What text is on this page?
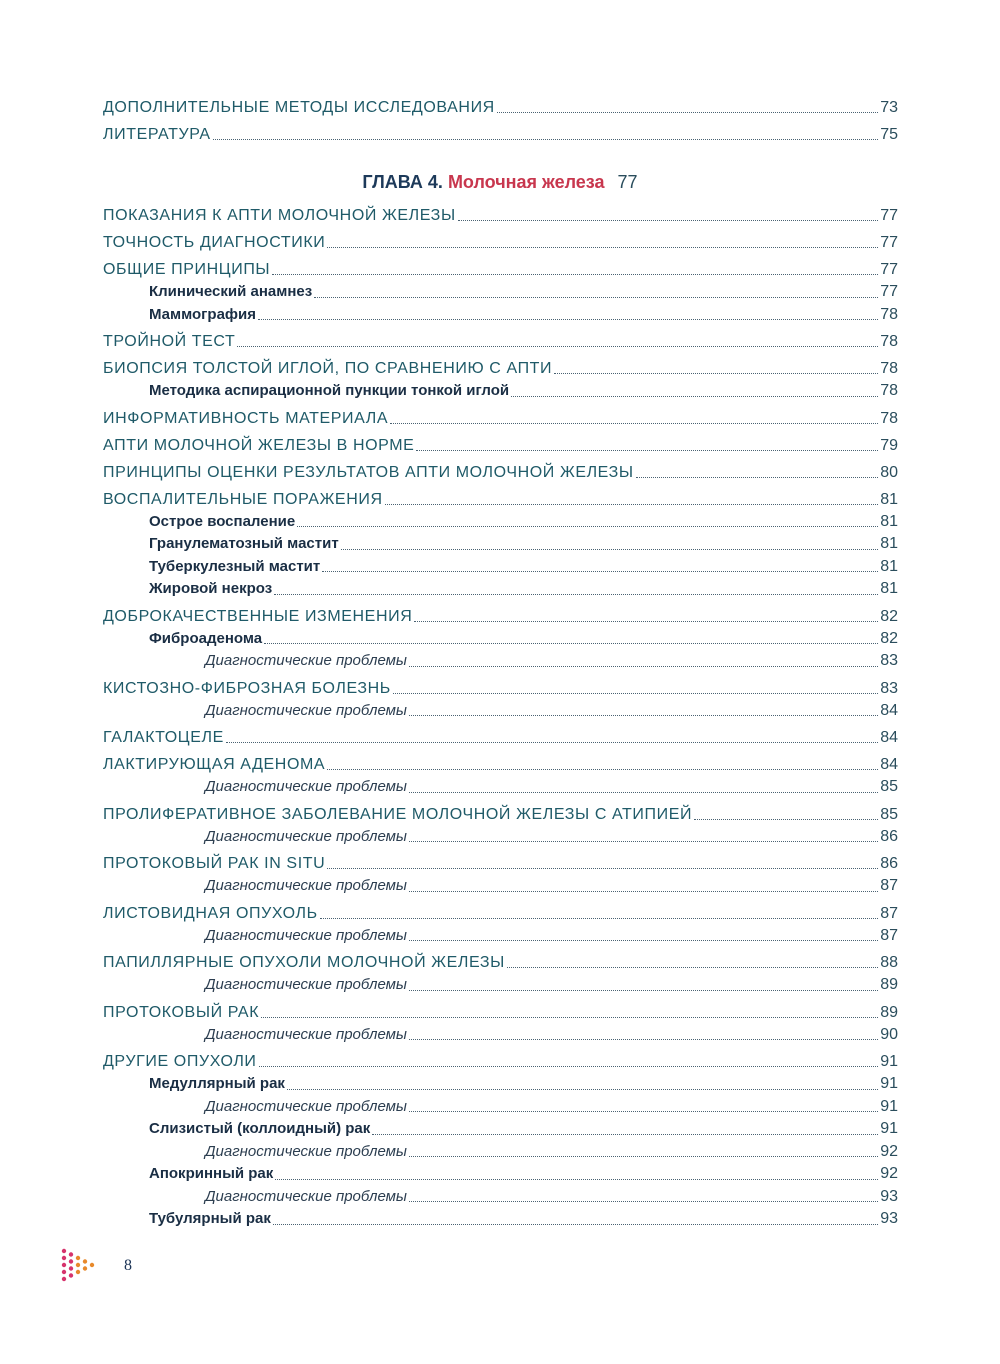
ДОПОЛНИТЕЛЬНЫЕ МЕТОДЫ ИССЛЕДОВАНИЯ	73
ЛИТЕРАТУРА	75
ГЛАВА 4. Молочная железа 77
ПОКАЗАНИЯ К АПТИ МОЛОЧНОЙ ЖЕЛЕЗЫ	77
ТОЧНОСТЬ ДИАГНОСТИКИ	77
ОБЩИЕ ПРИНЦИПЫ	77
Клинический анамнез	77
Маммография	78
ТРОЙНОЙ ТЕСТ	78
БИОПСИЯ ТОЛСТОЙ ИГЛОЙ, ПО СРАВНЕНИЮ С АПТИ	78
Методика аспирационной пункции тонкой иглой	78
ИНФОРМАТИВНОСТЬ МАТЕРИАЛА	78
АПТИ МОЛОЧНОЙ ЖЕЛЕЗЫ В НОРМЕ	79
ПРИНЦИПЫ ОЦЕНКИ РЕЗУЛЬТАТОВ АПТИ МОЛОЧНОЙ ЖЕЛЕЗЫ	80
ВОСПАЛИТЕЛЬНЫЕ ПОРАЖЕНИЯ	81
Острое воспаление	81
Гранулематозный мастит	81
Туберкулезный мастит	81
Жировой некроз	81
ДОБРОКАЧЕСТВЕННЫЕ ИЗМЕНЕНИЯ	82
Фиброаденома	82
Диагностические проблемы	83
КИСТОЗНО-ФИБРОЗНАЯ БОЛЕЗНЬ	83
Диагностические проблемы	84
ГАЛАКТОЦЕЛЕ	84
ЛАКТИРУЮЩАЯ АДЕНОМА	84
Диагностические проблемы	85
ПРОЛИФЕРАТИВНОЕ ЗАБОЛЕВАНИЕ МОЛОЧНОЙ ЖЕЛЕЗЫ С АТИПИЕЙ	85
Диагностические проблемы	86
ПРОТОКОВЫЙ РАК IN SITU	86
Диагностические проблемы	87
ЛИСТОВИДНАЯ ОПУХОЛЬ	87
Диагностические проблемы	87
ПАПИЛЛЯРНЫЕ ОПУХОЛИ МОЛОЧНОЙ ЖЕЛЕЗЫ	88
Диагностические проблемы	89
ПРОТОКОВЫЙ РАК	89
Диагностические проблемы	90
ДРУГИЕ ОПУХОЛИ	91
Медуллярный рак	91
Диагностические проблемы	91
Слизистый (коллоидный) рак	91
Диагностические проблемы	92
Апокринный рак	92
Диагностические проблемы	93
Тубулярный рак	93
8
